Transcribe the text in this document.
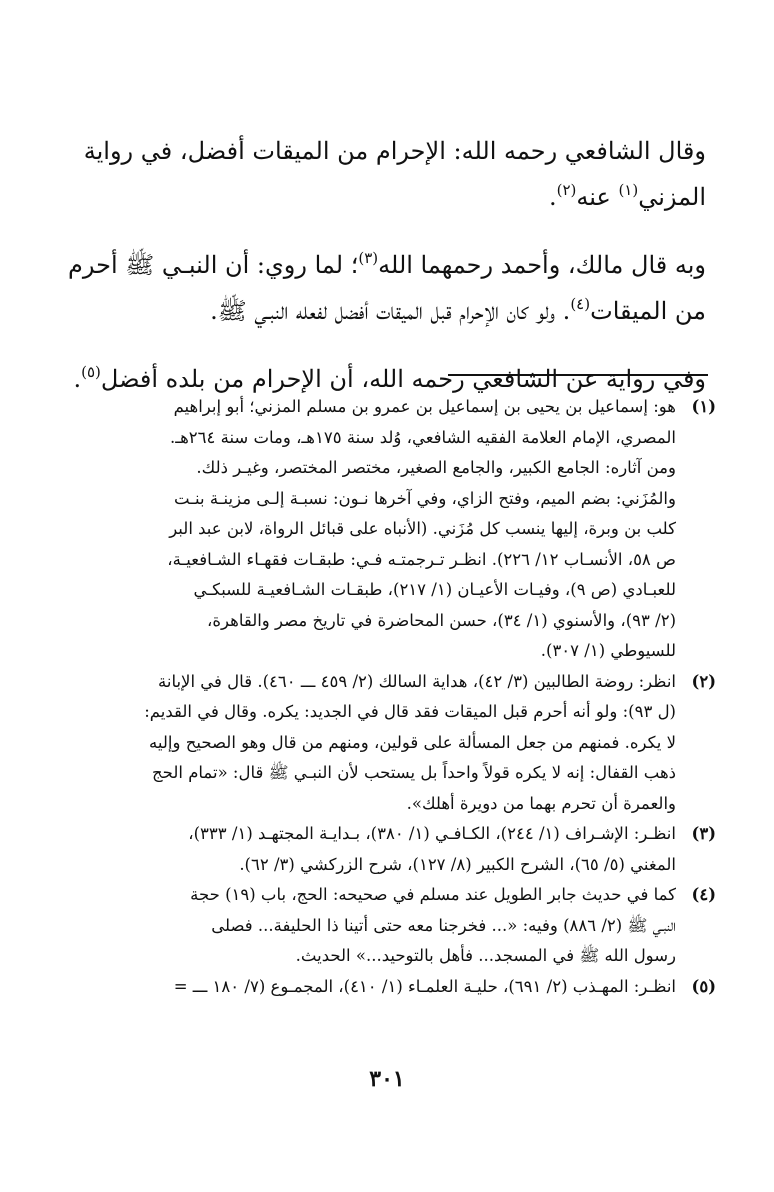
وقال الشافعي رحمه الله: الإحرام من الميقات أفضل، في رواية
المزني$^{(١)}$ عنه$^{(٢)}$.

وبه قال مالك، وأحمد رحمهما الله$^{(٣)}$؛ لما روي: أن النبـي ﷺ أحرم
من الميقات$^{(٤)}$. ولو كان الإحرام قبل الميقات أفضل لفعله النبـي ﷺ.

وفي رواية عن الشافعي رحمه الله، أن الإحرام من بلده أفضل$^{(٥)}$.

(١)
هو: إسماعيل بن يحيى بن إسماعيل بن عمرو بن مسلم المزني؛ أبو إبراهيم
المصري، الإمام العلامة الفقيه الشافعي، وُلد سنة ١٧٥هـ، ومات سنة ٢٦٤هـ.
ومن آثاره: الجامع الكبير، والجامع الصغير، مختصر المختصر، وغيـر ذلك.
والمُزَني: بضم الميم، وفتح الزاي، وفي آخرها نـون: نسبـة إلـى مزينـة بنـت
كلب بن وبرة، إليها ينسب كل مُزَني. (الأنباه على قبائل الرواة، لابن عبد البر
ص ٥٨، الأنسـاب ١٢/ ٢٢٦). انظـر تـرجمتـه فـي: طبقـات فقهـاء الشـافعيـة،
للعبـادي (ص ٩)، وفيـات الأعيـان (١/ ٢١٧)، طبقـات الشـافعيـة للسبكـي
(٢/ ٩٣)، والأسنوي (١/ ٣٤)، حسن المحاضرة في تاريخ مصر والقاهرة،
للسيوطي (١/ ٣٠٧).
(٢)
انظر: روضة الطالبين (٣/ ٤٢)، هداية السالك (٢/ ٤٥٩ ـــ ٤٦٠). قال في الإبانة
(ل ٩٣): ولو أنه أحرم قبل الميقات فقد قال في الجديد: يكره. وقال في القديم:
لا يكره. فمنهم من جعل المسألة على قولين، ومنهم من قال وهو الصحيح وإليه
ذهب القفال: إنه لا يكره قولاً واحداً بل يستحب لأن النبـي ﷺ قال: «تمام الحج
والعمرة أن تحرم بهما من دويرة أهلك».
(٣)
انظـر: الإشـراف (١/ ٢٤٤)، الكـافـي (١/ ٣٨٠)، بـدايـة المجتهـد (١/ ٣٣٣)،
المغني (٥/ ٦٥)، الشرح الكبير (٨/ ١٢٧)، شرح الزركشي (٣/ ٦٢).
(٤)
كما في حديث جابر الطويل عند مسلم في صحيحه: الحج، باب (١٩) حجة
النبـي ﷺ (٢/ ٨٨٦) وفيه: «... فخرجنا معه حتى أتينا ذا الحليفة... فصلى
رسول الله ﷺ في المسجد... فأهل بالتوحيد...» الحديث.
(٥)
انظـر: المهـذب (٢/ ٦٩١)، حليـة العلمـاء (١/ ٤١٠)، المجمـوع (٧/ ١٨٠ ـــ =
٣٠١
